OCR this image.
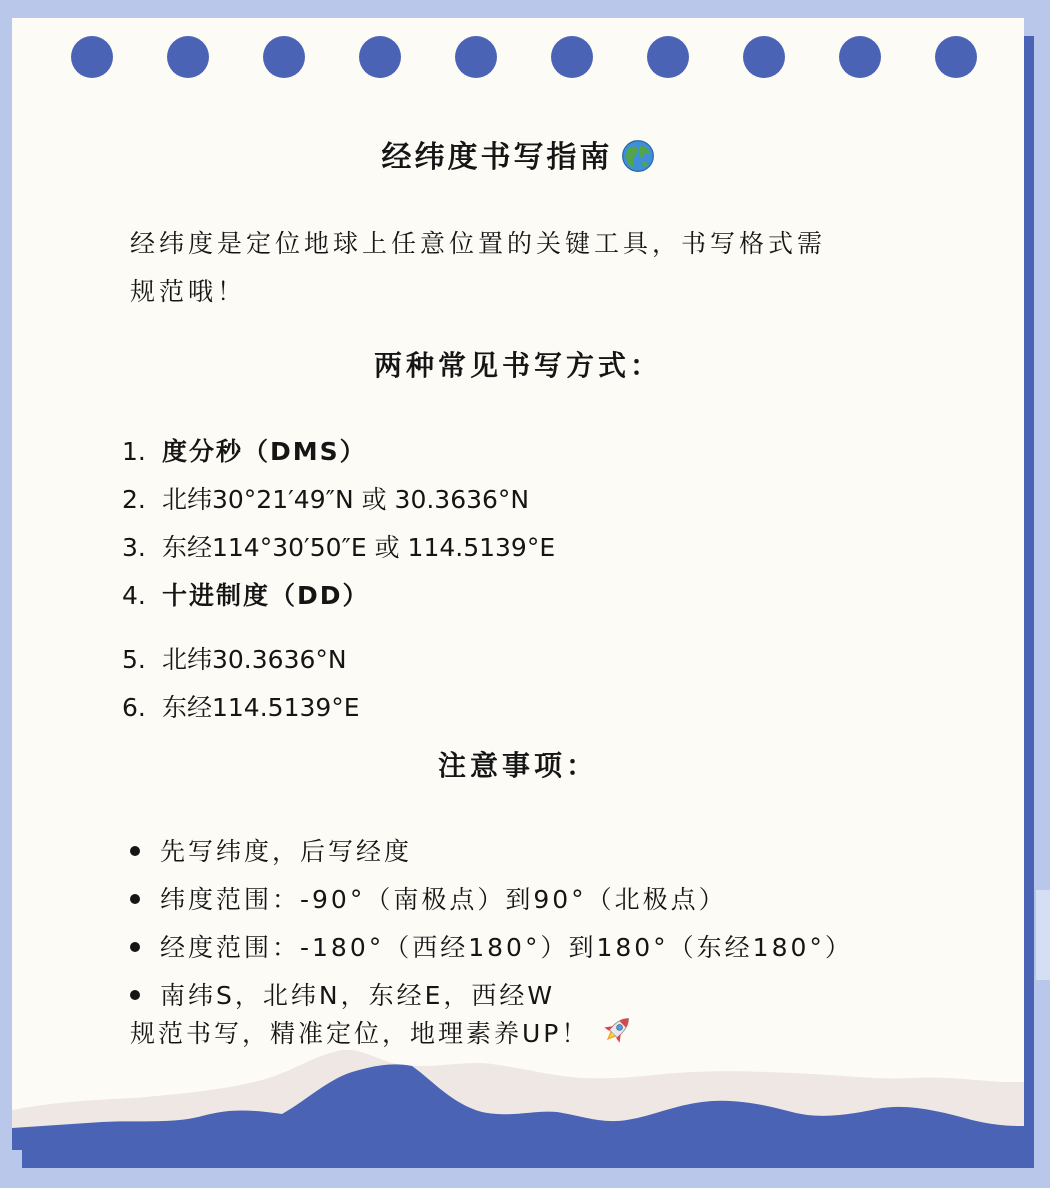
经纬度书写指南
经纬度是定位地球上任意位置的关键工具，书写格式需
规范哦！
两种常见书写方式：
1. 度分秒（DMS）
2. 北纬30°21′49″N 或 30.3636°N
3. 东经114°30′50″E 或 114.5139°E
4. 十进制度（DD）
5. 北纬30.3636°N
6. 东经114.5139°E
注意事项：
先写纬度，后写经度
纬度范围：-90°（南极点）到90°（北极点）
经度范围：-180°（西经180°）到180°（东经180°）
南纬S，北纬N，东经E，西经W
规范书写，精准定位，地理素养UP！
